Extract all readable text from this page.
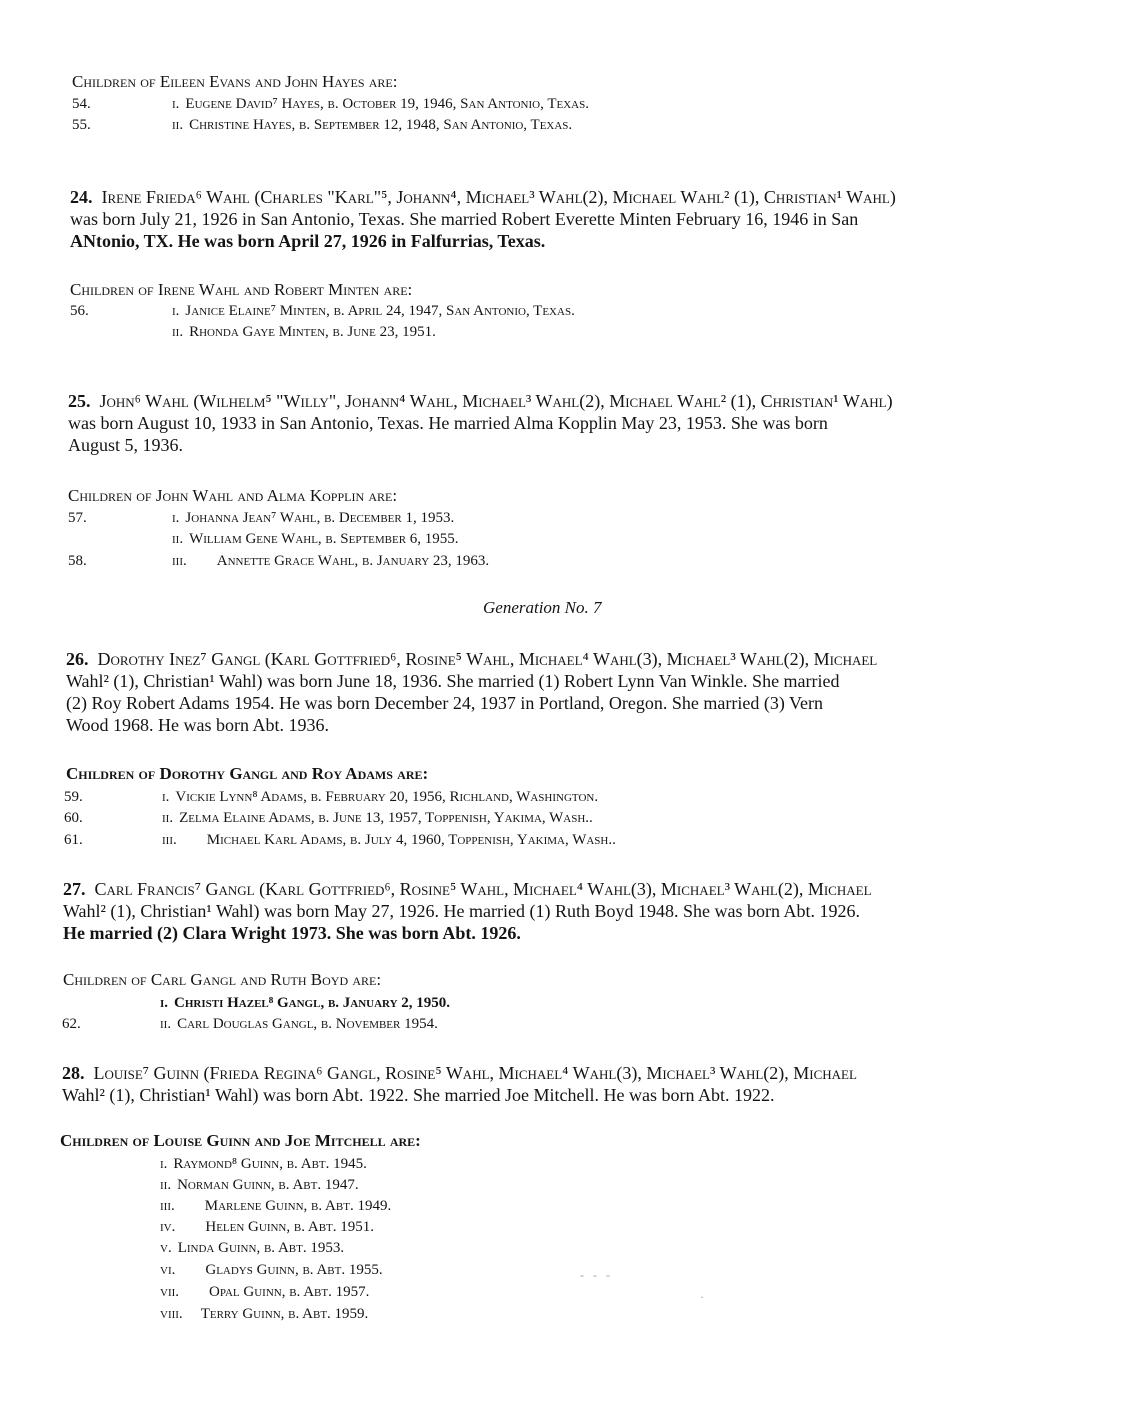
Children of Eileen Evans and John Hayes are:
54.	i. Eugene David⁷ Hayes, b. October 19, 1946, San Antonio, Texas.
55.	ii. Christine Hayes, b. September 12, 1948, San Antonio, Texas.
24. Irene Frieda⁶ Wahl (Charles "Karl"⁵, Johann⁴, Michael³ Wahl(2), Michael Wahl² (1), Christian¹ Wahl)
was born July 21, 1926 in San Antonio, Texas. She married Robert Everette Minten February 16, 1946 in San
ANtonio, TX. He was born April 27, 1926 in Falfurrias, Texas.
Children of Irene Wahl and Robert Minten are:
56.	i. Janice Elaine⁷ Minten, b. April 24, 1947, San Antonio, Texas.
ii. Rhonda Gaye Minten, b. June 23, 1951.
25. John⁶ Wahl (Wilhelm⁵ "Willy", Johann⁴ Wahl, Michael³ Wahl(2), Michael Wahl² (1), Christian¹ Wahl)
was born August 10, 1933 in San Antonio, Texas. He married Alma Kopplin May 23, 1953. She was born
August 5, 1936.
Children of John Wahl and Alma Kopplin are:
57.	i. Johanna Jean⁷ Wahl, b. December 1, 1953.
ii. William Gene Wahl, b. September 6, 1955.
58.	iii. Annette Grace Wahl, b. January 23, 1963.
Generation No. 7
26. Dorothy Inez⁷ Gangl (Karl Gottfried⁶, Rosine⁵ Wahl, Michael⁴ Wahl(3), Michael³ Wahl(2), Michael
Wahl² (1), Christian¹ Wahl) was born June 18, 1936. She married (1) Robert Lynn Van Winkle. She married
(2) Roy Robert Adams 1954. He was born December 24, 1937 in Portland, Oregon. She married (3) Vern
Wood 1968. He was born Abt. 1936.
Children of Dorothy Gangl and Roy Adams are:
59.	i. Vickie Lynn⁸ Adams, b. February 20, 1956, Richland, Washington.
60.	ii. Zelma Elaine Adams, b. June 13, 1957, Toppenish, Yakima, Wash..
61.	iii. Michael Karl Adams, b. July 4, 1960, Toppenish, Yakima, Wash..
27. Carl Francis⁷ Gangl (Karl Gottfried⁶, Rosine⁵ Wahl, Michael⁴ Wahl(3), Michael³ Wahl(2), Michael
Wahl² (1), Christian¹ Wahl) was born May 27, 1926. He married (1) Ruth Boyd 1948. She was born Abt. 1926.
He married (2) Clara Wright 1973. She was born Abt. 1926.
Children of Carl Gangl and Ruth Boyd are:
i. Christi Hazel⁸ Gangl, b. January 2, 1950.
62.	ii. Carl Douglas Gangl, b. November 1954.
28. Louise⁷ Guinn (Frieda Regina⁶ Gangl, Rosine⁵ Wahl, Michael⁴ Wahl(3), Michael³ Wahl(2), Michael
Wahl² (1), Christian¹ Wahl) was born Abt. 1922. She married Joe Mitchell. He was born Abt. 1922.
Children of Louise Guinn and Joe Mitchell are:
i. Raymond⁸ Guinn, b. Abt. 1945.
ii. Norman Guinn, b. Abt. 1947.
iii. Marlene Guinn, b. Abt. 1949.
iv. Helen Guinn, b. Abt. 1951.
v. Linda Guinn, b. Abt. 1953.
vi. Gladys Guinn, b. Abt. 1955.
vii. Opal Guinn, b. Abt. 1957.
viii. Terry Guinn, b. Abt. 1959.
-   -   -
·
